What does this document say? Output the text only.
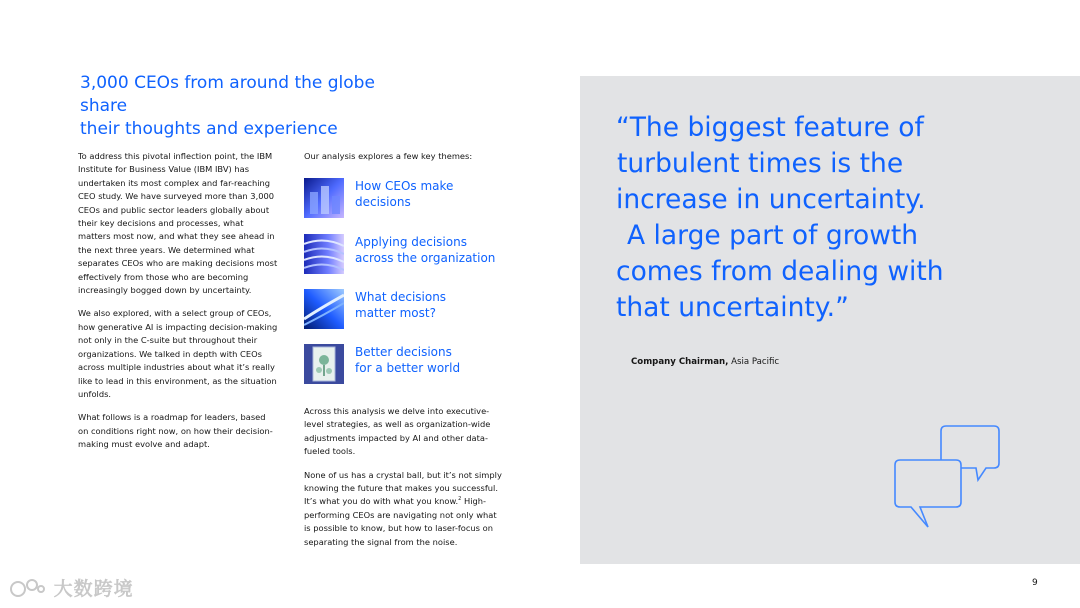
3,000 CEOs from around the globe share
their thoughts and experience

To address this pivotal inflection point, the IBM Institute for Business Value (IBM IBV) has undertaken its most complex and far-reaching CEO study. We have surveyed more than 3,000 CEOs and public sector leaders globally about their key decisions and processes, what matters most now, and what they see ahead in the next three years. We determined what separates CEOs who are making decisions most effectively from those who are becoming increasingly bogged down by uncertainty.

We also explored, with a select group of CEOs, how generative AI is impacting decision-making not only in the C-suite but throughout their organizations. We talked in depth with CEOs across multiple industries about what it’s really like to lead in this environment, as the situation unfolds.

What follows is a roadmap for leaders, based on conditions right now, on how their decision-making must evolve and adapt.

Our analysis explores a few key themes:
How CEOs make
decisions
Applying decisions
across the organization
What decisions
matter most?
Better decisions
for a better world

Across this analysis we delve into executive-level strategies, as well as organization-wide adjustments impacted by AI and other data-fueled tools.

None of us has a crystal ball, but it’s not simply knowing the future that makes you successful. It’s what you do with what you know.$^2$ High-performing CEOs are navigating not only what is possible to know, but how to laser-focus on separating the signal from the noise.

“The biggest feature of
turbulent times is the
increase in uncertainty.
A large part of growth
comes from dealing with
that uncertainty.”
Company Chairman, Asia Pacific
9
大数跨境
